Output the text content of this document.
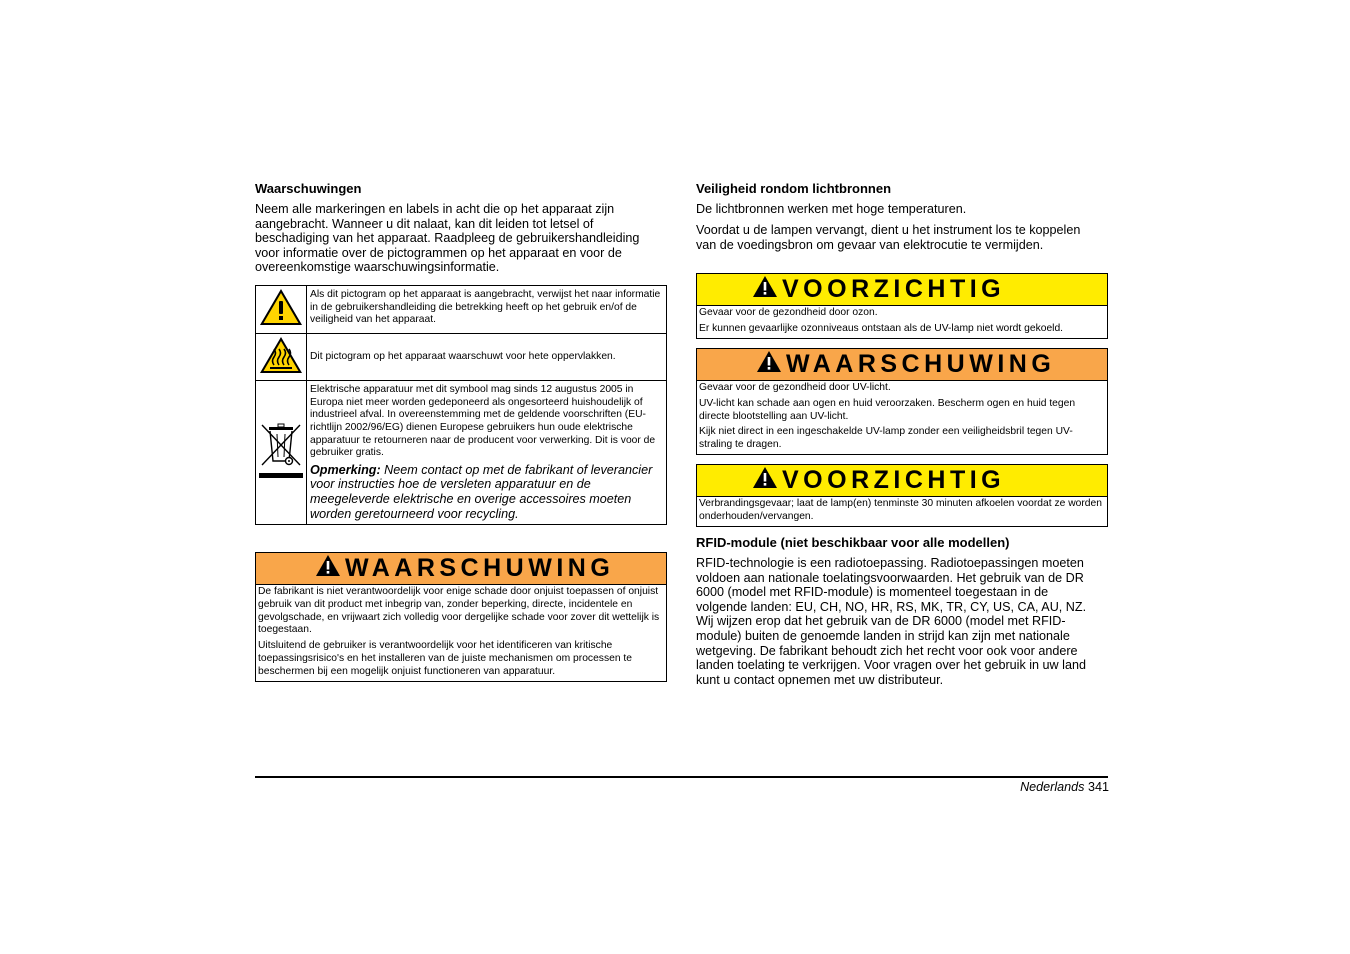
Waarschuwingen

Neem alle markeringen en labels in acht die op het apparaat zijn aangebracht. Wanneer u dit nalaat, kan dit leiden tot letsel of beschadiging van het apparaat. Raadpleeg de gebruikershandleiding voor informatie over de pictogrammen op het apparaat en voor de overeenkomstige waarschuwingsinformatie.

	Als dit pictogram op het apparaat is aangebracht, verwijst het naar informatie in de gebruikershandleiding die betrekking heeft op het gebruik en/of de veiligheid van het apparaat.
	Dit pictogram op het apparaat waarschuwt voor hete oppervlakken.

Elektrische apparatuur met dit symbool mag sinds 12 augustus 2005 in Europa niet meer worden gedeponeerd als ongesorteerd huishoudelijk of industrieel afval. In overeenstemming met de geldende voorschriften (EU-richtlijn 2002/96/EG) dienen Europese gebruikers hun oude elektrische apparatuur te retourneren naar de producent voor verwerking. Dit is voor de gebruiker gratis.
Opmerking: Neem contact op met de fabrikant of leverancier voor instructies hoe de versleten apparatuur en de meegeleverde elektrische en overige accessoires moeten worden geretourneerd voor recycling.
WAARSCHUWING
De fabrikant is niet verantwoordelijk voor enige schade door onjuist toepassen of onjuist gebruik van dit product met inbegrip van, zonder beperking, directe, incidentele en gevolgschade, en vrijwaart zich volledig voor dergelijke schade voor zover dit wettelijk is toegestaan.
Uitsluitend de gebruiker is verantwoordelijk voor het identificeren van kritische toepassingsrisico's en het installeren van de juiste mechanismen om processen te beschermen bij een mogelijk onjuist functioneren van apparatuur.
Veiligheid rondom lichtbronnen

De lichtbronnen werken met hoge temperaturen.

Voordat u de lampen vervangt, dient u het instrument los te koppelen van de voedingsbron om gevaar van elektrocutie te vermijden.

VOORZICHTIG
Gevaar voor de gezondheid door ozon.
Er kunnen gevaarlijke ozonniveaus ontstaan als de UV-lamp niet wordt gekoeld.
WAARSCHUWING
Gevaar voor de gezondheid door UV-licht.
UV-licht kan schade aan ogen en huid veroorzaken. Bescherm ogen en huid tegen directe blootstelling aan UV-licht.
Kijk niet direct in een ingeschakelde UV-lamp zonder een veiligheidsbril tegen UV-straling te dragen.
VOORZICHTIG
Verbrandingsgevaar; laat de lamp(en) tenminste 30 minuten afkoelen voordat ze worden onderhouden/vervangen.
RFID-module (niet beschikbaar voor alle modellen)

RFID-technologie is een radiotoepassing. Radiotoepassingen moeten voldoen aan nationale toelatingsvoorwaarden. Het gebruik van de DR 6000 (model met RFID-module) is momenteel toegestaan in de volgende landen: EU, CH, NO, HR, RS, MK, TR, CY, US, CA, AU, NZ. Wij wijzen erop dat het gebruik van de DR 6000 (model met RFID-module) buiten de genoemde landen in strijd kan zijn met nationale wetgeving. De fabrikant behoudt zich het recht voor ook voor andere landen toelating te verkrijgen. Voor vragen over het gebruik in uw land kunt u contact opnemen met uw distributeur.

Nederlands 341
